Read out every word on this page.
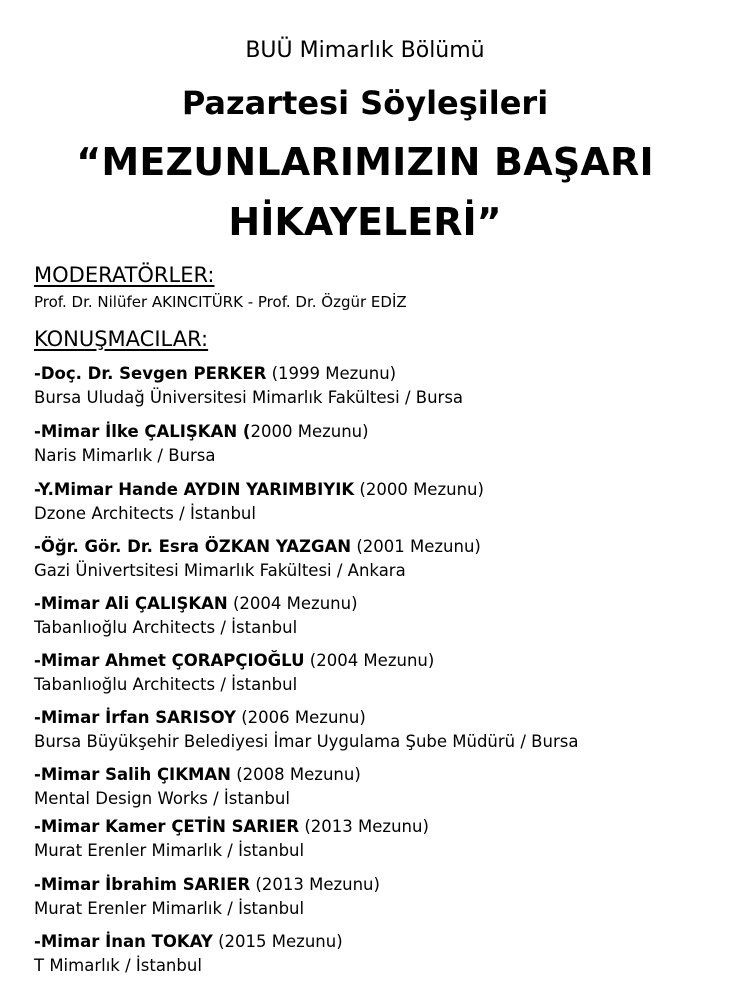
BUÜ Mimarlık Bölümü
Pazartesi Söyleşileri
“MEZUNLARIMIZIN BAŞARI
HİKAYELERİ”
MODERATÖRLER:
Prof. Dr. Nilüfer AKINCITÜRK - Prof. Dr. Özgür EDİZ
KONUŞMACILAR:
-Doç. Dr. Sevgen PERKER (1999 Mezunu)
Bursa Uludağ Üniversitesi Mimarlık Fakültesi / Bursa
-Mimar İlke ÇALIŞKAN (2000 Mezunu)
Naris Mimarlık / Bursa
-Y.Mimar Hande AYDIN YARIMBIYIK (2000 Mezunu)
Dzone Architects / İstanbul
-Öğr. Gör. Dr. Esra ÖZKAN YAZGAN (2001 Mezunu)
Gazi Ünivertsitesi Mimarlık Fakültesi / Ankara
-Mimar Ali ÇALIŞKAN (2004 Mezunu)
Tabanlıoğlu Architects / İstanbul
-Mimar Ahmet ÇORAPÇIOĞLU (2004 Mezunu)
Tabanlıoğlu Architects / İstanbul
-Mimar İrfan SARISOY (2006 Mezunu)
Bursa Büyükşehir Belediyesi İmar Uygulama Şube Müdürü / Bursa
-Mimar Salih ÇIKMAN (2008 Mezunu)
Mental Design Works / İstanbul
-Mimar Kamer ÇETİN SARIER (2013 Mezunu)
Murat Erenler Mimarlık / İstanbul
-Mimar İbrahim SARIER (2013 Mezunu)
Murat Erenler Mimarlık / İstanbul
-Mimar İnan TOKAY (2015 Mezunu)
T Mimarlık / İstanbul
